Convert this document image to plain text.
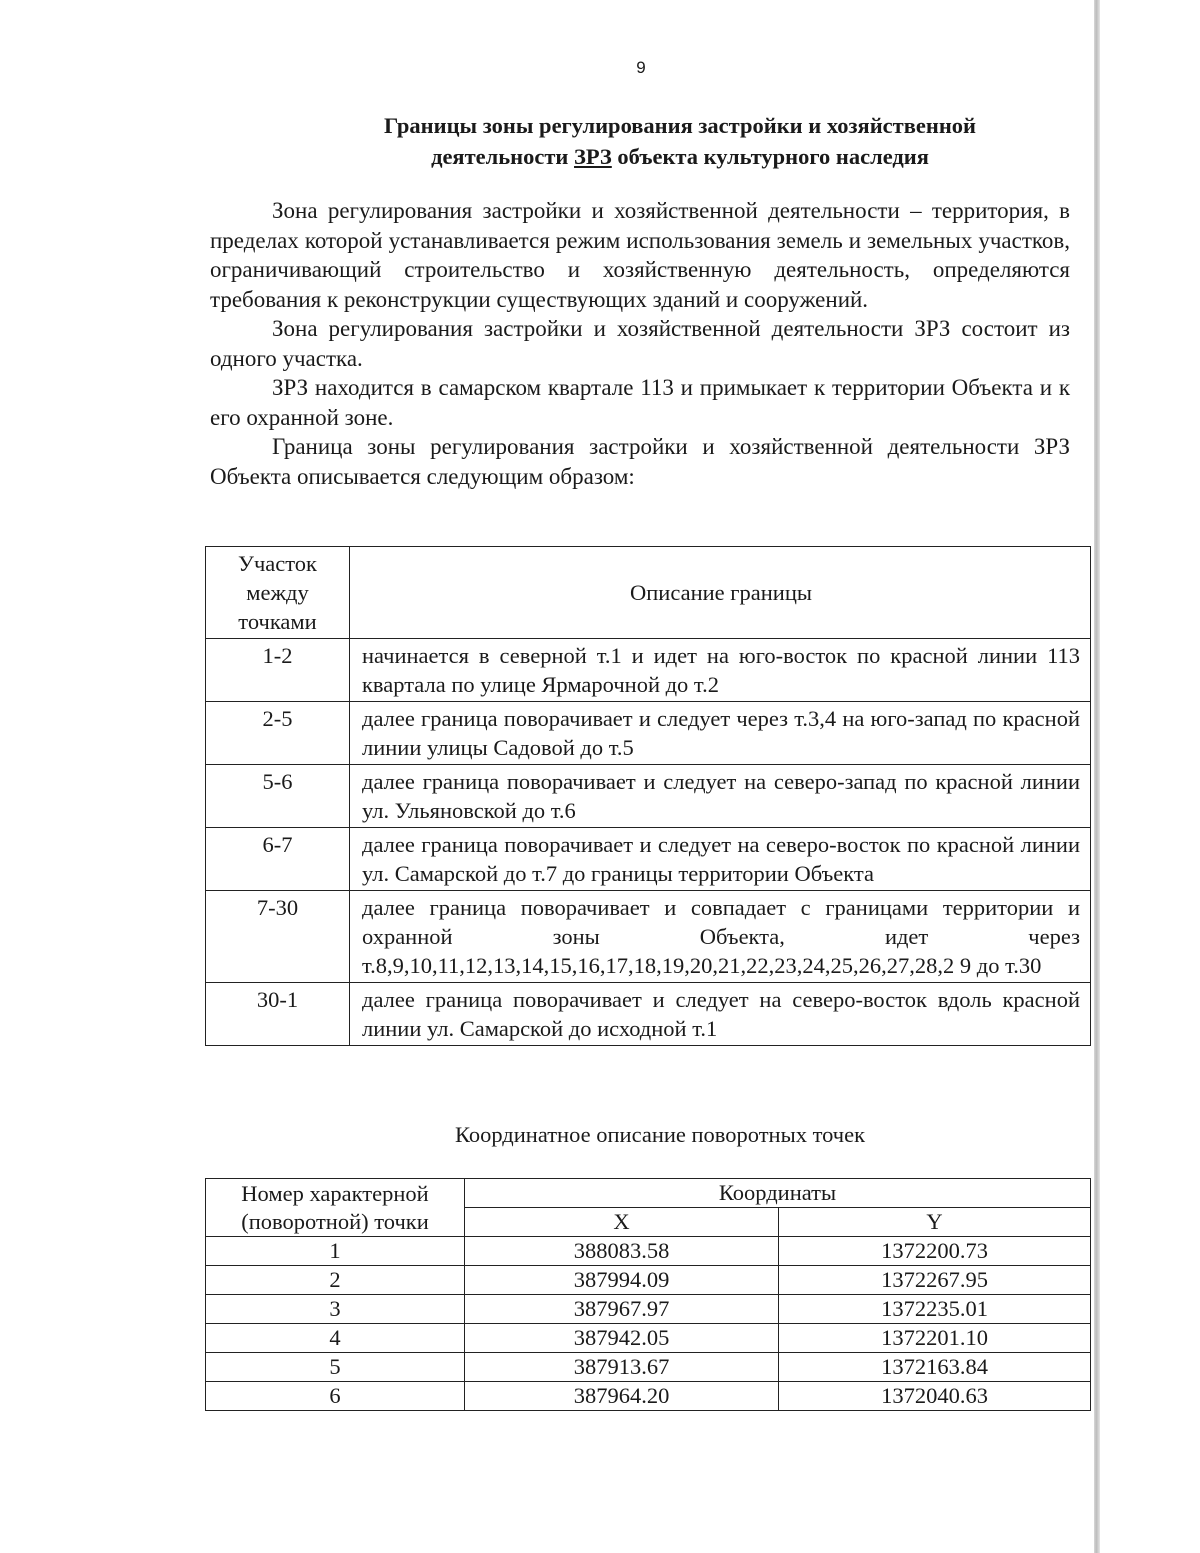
9
Границы зоны регулирования застройки и хозяйственной
деятельности ЗРЗ объекта культурного наследия

Зона регулирования застройки и хозяйственной деятельности – территория, в пределах которой устанавливается режим использования земель и земельных участков, ограничивающий строительство и хозяйственную деятельность, определяются требования к реконструкции существующих зданий и сооружений.

Зона регулирования застройки и хозяйственной деятельности ЗРЗ состоит из одного участка.

ЗРЗ находится в самарском квартале 113 и примыкает к территории Объекта и к его охранной зоне.

Граница зоны регулирования застройки и хозяйственной деятельности ЗРЗ Объекта описывается следующим образом:

Участок между точками	Описание границы
1-2	начинается в северной т.1 и идет на юго-восток по красной линии 113 квартала по улице Ярмарочной до т.2
2-5	далее граница поворачивает и следует через т.3,4 на юго-запад по красной линии улицы Садовой до т.5
5-6	далее граница поворачивает и следует на северо-запад по красной линии ул. Ульяновской до т.6
6-7	далее граница поворачивает и следует на северо-восток по красной линии ул. Самарской до т.7 до границы территории Объекта
7-30	далее граница поворачивает и совпадает с границами территории и охранной зоны Объекта, идет через т.8,9,10,11,12,13,14,15,16,17,18,19,20,21,22,23,24,25,26,27,28,2 9 до т.30
30-1	далее граница поворачивает и следует на северо-восток вдоль красной линии ул. Самарской до исходной т.1
Координатное описание поворотных точек
Номер характерной (поворотной) точки	Координаты	
	X	Y
1	388083.58	1372200.73
2	387994.09	1372267.95
3	387967.97	1372235.01
4	387942.05	1372201.10
5	387913.67	1372163.84
6	387964.20	1372040.63
